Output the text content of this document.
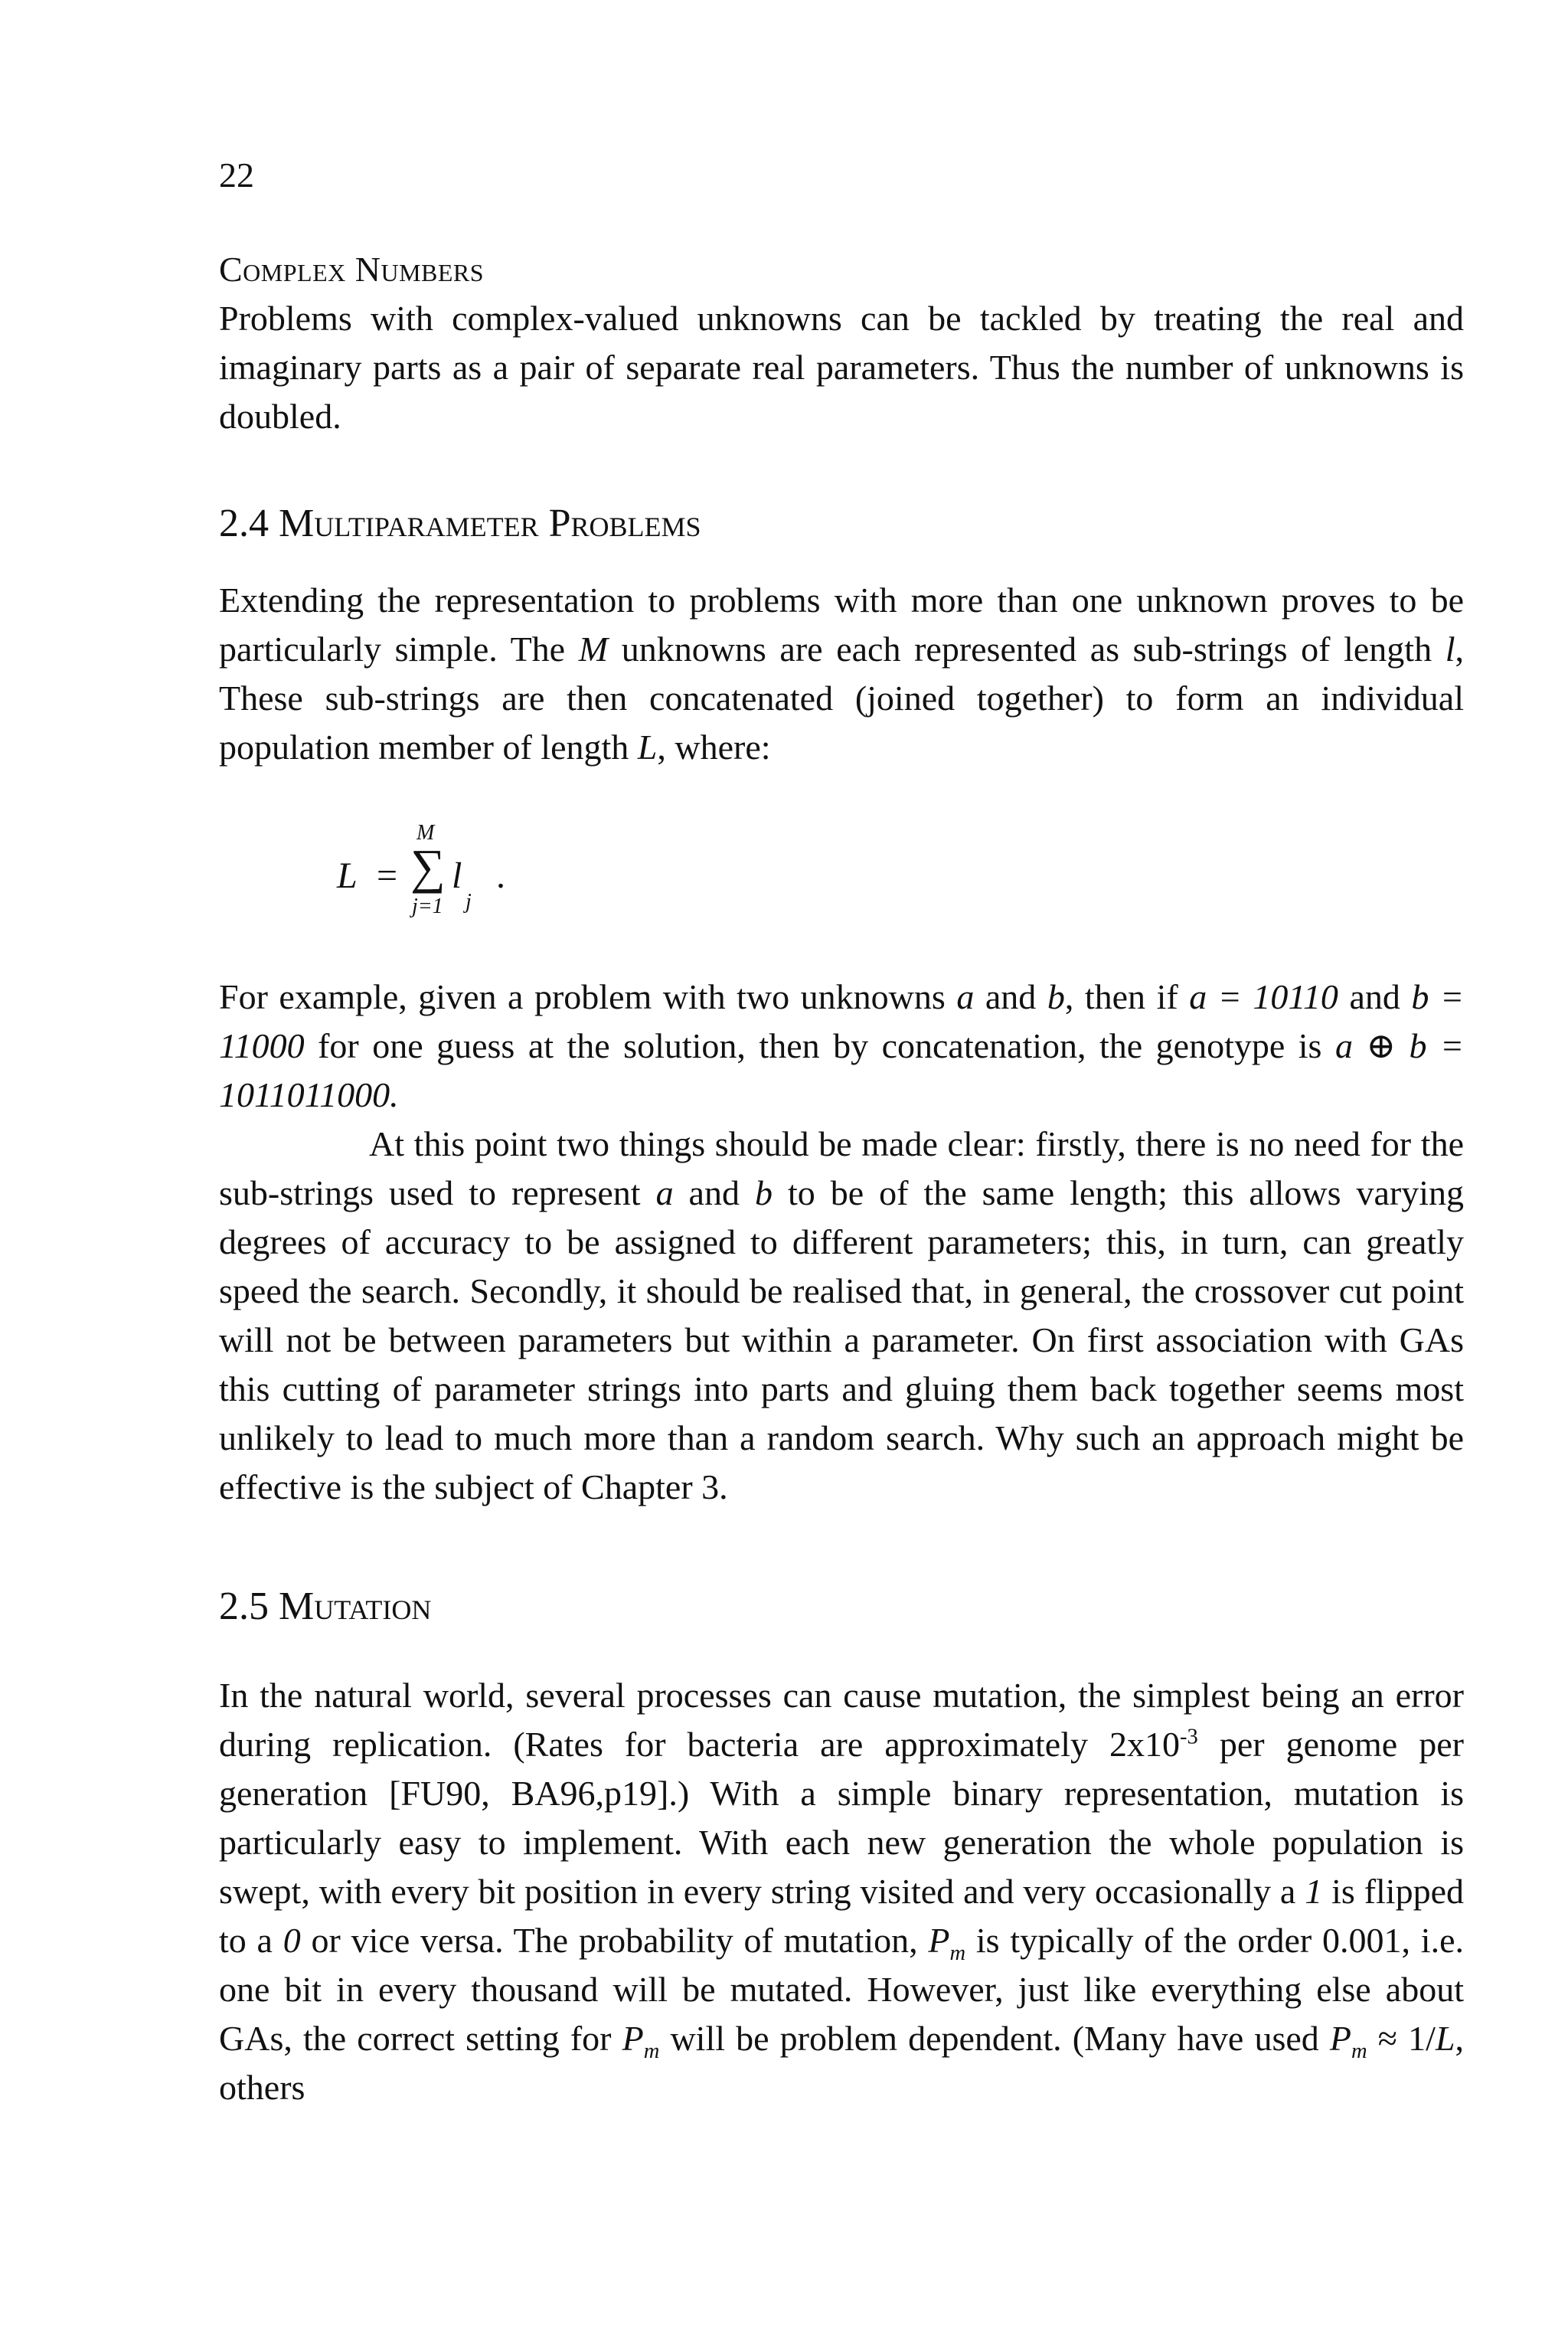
22

Complex Numbers

Problems with complex-valued unknowns can be tackled by treating the real and imaginary parts as a pair of separate real parameters. Thus the number of unknowns is doubled.

2.4 Multiparameter Problems

Extending the representation to problems with more than one unknown proves to be particularly simple. The M unknowns are each represented as sub-strings of length l, These sub-strings are then concatenated (joined together) to form an individual population member of length L, where:

L =
M
∑
j=1
l
j
.

For example, given a problem with two unknowns a and b, then if a = 10110 and b = 11000 for one guess at the solution, then by concatenation, the genotype is a ⊕ b = 1011011000.

At this point two things should be made clear: firstly, there is no need for the sub-strings used to represent a and b to be of the same length; this allows varying degrees of accuracy to be assigned to different parameters; this, in turn, can greatly speed the search. Secondly, it should be realised that, in general, the crossover cut point will not be between parameters but within a parameter. On first association with GAs this cutting of parameter strings into parts and gluing them back together seems most unlikely to lead to much more than a random search. Why such an approach might be effective is the subject of Chapter 3.

2.5 Mutation

In the natural world, several processes can cause mutation, the simplest being an error during replication. (Rates for bacteria are approximately $2x10^{-3}$ per genome per generation [FU90, BA96,p19].) With a simple binary representation, mutation is particularly easy to implement. With each new generation the whole population is swept, with every bit position in every string visited and very occasionally a 1 is flipped to a 0 or vice versa. The probability of mutation, $P_m$ is typically of the order 0.001, i.e. one bit in every thousand will be mutated. However, just like everything else about GAs, the correct setting for $P_m$ will be problem dependent. (Many have used $P_m \approx 1/L$, others
